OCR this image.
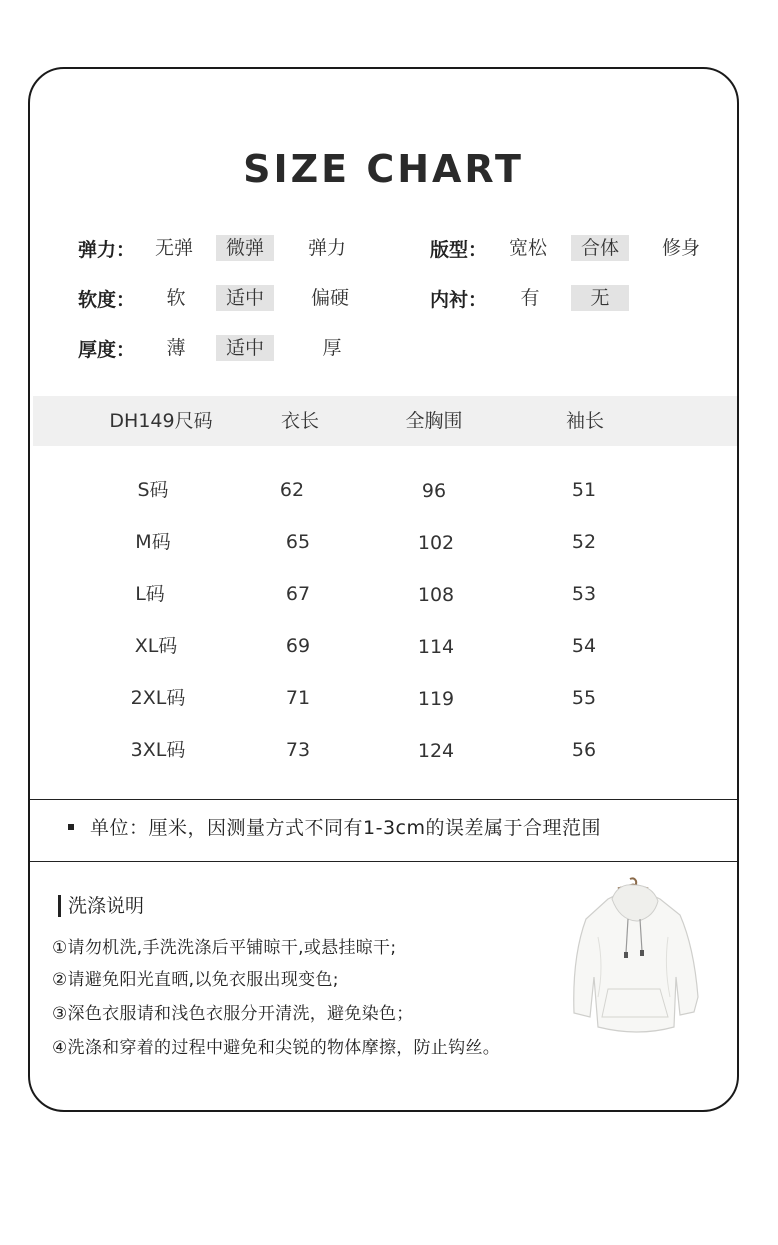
SIZE CHART
弹力：	无弹	微弹	弹力	版型：	宽松	合体	修身
软度：	软	适中	偏硬	内衬：	有	无
厚度：	薄	适中	厚
DH149尺码	衣长	全胸围	袖长
S码	62	96	51
M码	65	102	52
L码	67	108	53
XL码	69	114	54
2XL码	71	119	55
3XL码	73	124	56
单位：厘米，因测量方式不同有1-3cm的误差属于合理范围
洗涤说明
①请勿机洗,手洗洗涤后平铺晾干,或悬挂晾干;
②请避免阳光直晒,以免衣服出现变色;
③深色衣服请和浅色衣服分开清洗，避免染色；
④洗涤和穿着的过程中避免和尖锐的物体摩擦，防止钩丝。
